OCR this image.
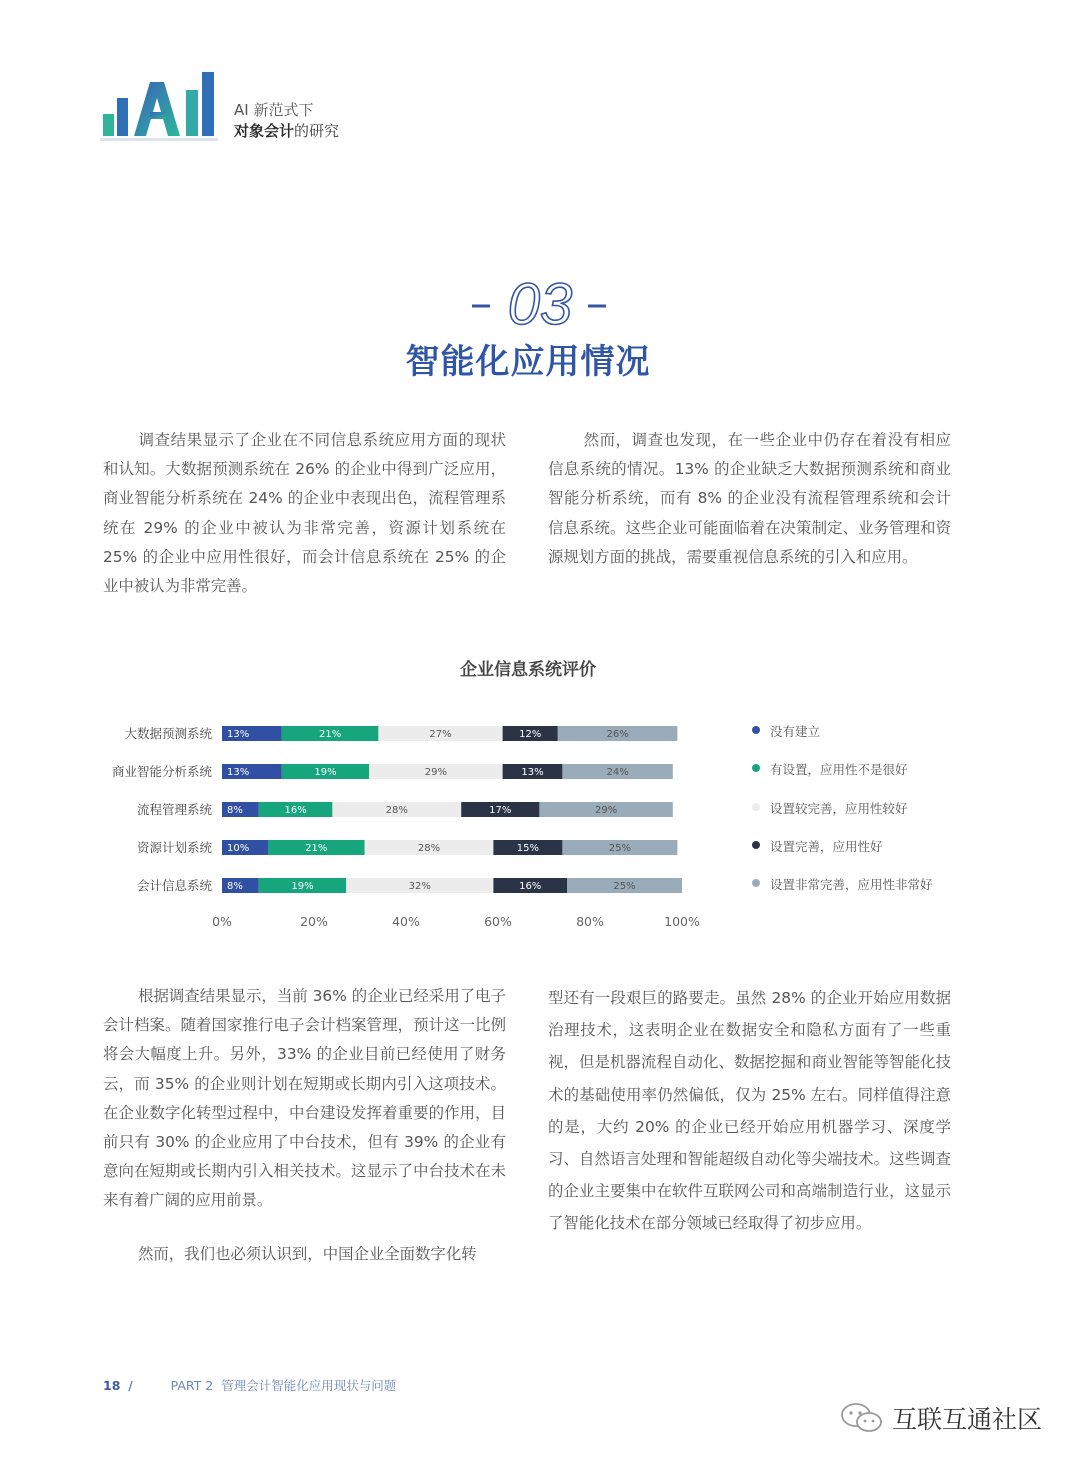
AI 新范式下
对象会计的研究
03
智能化应用情况

调查结果显示了企业在不同信息系统应用方面的现状和认知。大数据预测系统在 26% 的企业中得到广泛应用，商业智能分析系统在 24% 的企业中表现出色，流程管理系统在 29% 的企业中被认为非常完善，资源计划系统在 25% 的企业中应用性很好，而会计信息系统在 25% 的企业中被认为非常完善。

然而，调查也发现，在一些企业中仍存在着没有相应信息系统的情况。13% 的企业缺乏大数据预测系统和商业智能分析系统，而有 8% 的企业没有流程管理系统和会计信息系统。这些企业可能面临着在决策制定、业务管理和资源规划方面的挑战，需要重视信息系统的引入和应用。

企业信息系统评价
大数据预测系统 13%	21%	27%	12%	26%
商业智能分析系统 13%	19%	29%	13%	24%
流程管理系统 8%	16%	28%	17%	29%
资源计划系统 10%	21%	28%	15%	25%
会计信息系统 8%	19%	32%	16%	25%
0%	20%	40%	60%	80%	100%
没有建立
有设置，应用性不是很好
设置较完善，应用性较好
设置完善，应用性好
设置非常完善，应用性非常好

根据调查结果显示，当前 36% 的企业已经采用了电子会计档案。随着国家推行电子会计档案管理，预计这一比例将会大幅度上升。另外，33% 的企业目前已经使用了财务云，而 35% 的企业则计划在短期或长期内引入这项技术。在企业数字化转型过程中，中台建设发挥着重要的作用，目前只有 30% 的企业应用了中台技术，但有 39% 的企业有意向在短期或长期内引入相关技术。这显示了中台技术在未来有着广阔的应用前景。

然而，我们也必须认识到，中国企业全面数字化转

型还有一段艰巨的路要走。虽然 28% 的企业开始应用数据治理技术，这表明企业在数据安全和隐私方面有了一些重视，但是机器流程自动化、数据挖掘和商业智能等智能化技术的基础使用率仍然偏低，仅为 25% 左右。同样值得注意的是，大约 20% 的企业已经开始应用机器学习、深度学习、自然语言处理和智能超级自动化等尖端技术。这些调查的企业主要集中在软件互联网公司和高端制造行业，这显示了智能化技术在部分领域已经取得了初步应用。

18 /	PART 2 管理会计智能化应用现状与问题
互联互通社区
